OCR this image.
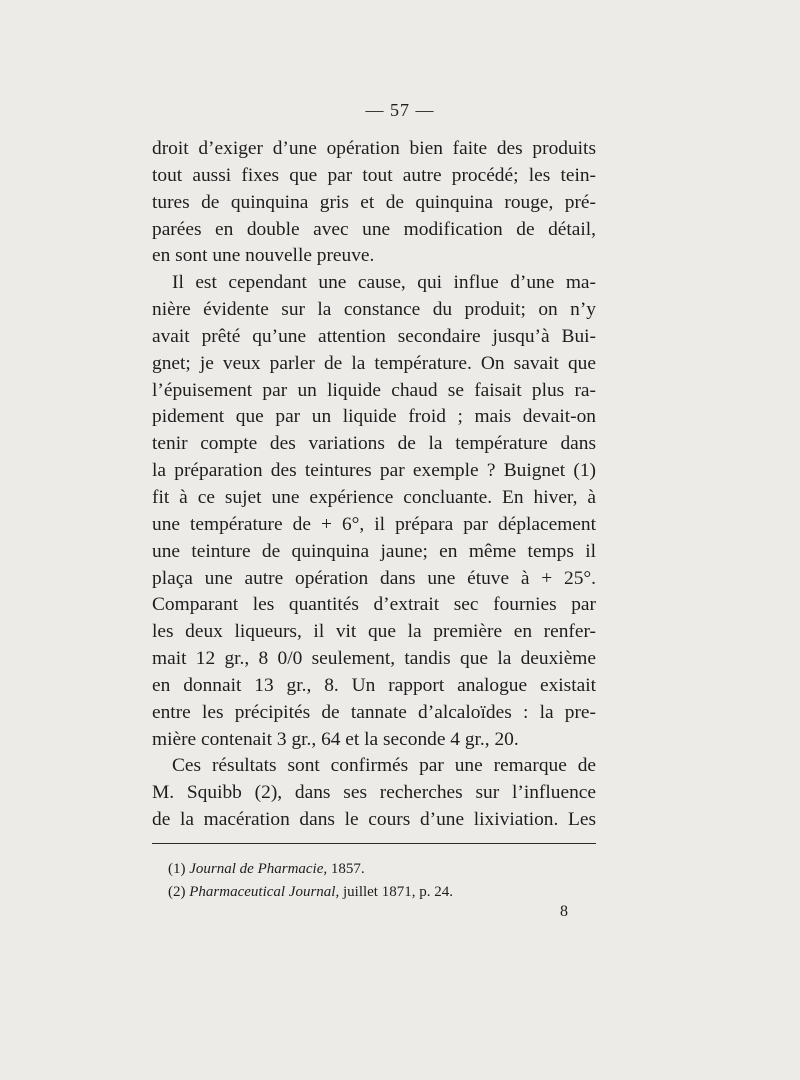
— 57 —
droit d’exiger d’une opération bien faite des produits
tout aussi fixes que par tout autre procédé; les tein-
tures de quinquina gris et de quinquina rouge, pré-
parées en double avec une modification de détail,
en sont une nouvelle preuve.
Il est cependant une cause, qui influe d’une ma-
nière évidente sur la constance du produit; on n’y
avait prêté qu’une attention secondaire jusqu’à Bui-
gnet; je veux parler de la température. On savait que
l’épuisement par un liquide chaud se faisait plus ra-
pidement que par un liquide froid ; mais devait-on
tenir compte des variations de la température dans
la préparation des teintures par exemple ? Buignet (1)
fit à ce sujet une expérience concluante. En hiver, à
une température de + 6°, il prépara par déplacement
une teinture de quinquina jaune; en même temps il
plaça une autre opération dans une étuve à + 25°.
Comparant les quantités d’extrait sec fournies par
les deux liqueurs, il vit que la première en renfer-
mait 12 gr., 8 0/0 seulement, tandis que la deuxième
en donnait 13 gr., 8. Un rapport analogue existait
entre les précipités de tannate d’alcaloïdes : la pre-
mière contenait 3 gr., 64 et la seconde 4 gr., 20.
Ces résultats sont confirmés par une remarque de
M. Squibb (2), dans ses recherches sur l’influence
de la macération dans le cours d’une lixiviation. Les
(1) Journal de Pharmacie, 1857.
(2) Pharmaceutical Journal, juillet 1871, p. 24.
8
